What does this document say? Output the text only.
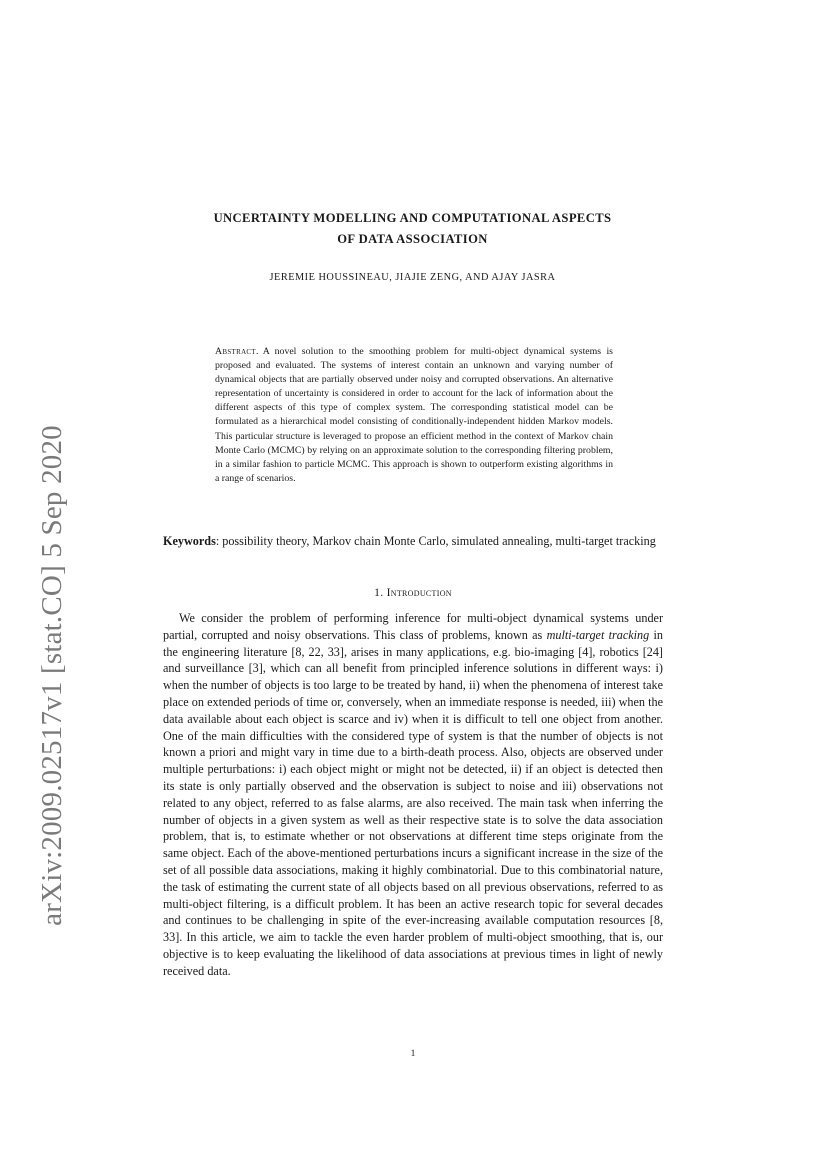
arXiv:2009.02517v1 [stat.CO] 5 Sep 2020
UNCERTAINTY MODELLING AND COMPUTATIONAL ASPECTS
OF DATA ASSOCIATION
JEREMIE HOUSSINEAU, JIAJIE ZENG, AND AJAY JASRA
Abstract. A novel solution to the smoothing problem for multi-object dynamical systems is proposed and evaluated. The systems of interest contain an unknown and varying number of dynamical objects that are partially observed under noisy and corrupted observations. An alternative representation of uncertainty is considered in order to account for the lack of information about the different aspects of this type of complex system. The corresponding statistical model can be formulated as a hierarchical model consisting of conditionally-independent hidden Markov models. This particular structure is leveraged to propose an efficient method in the context of Markov chain Monte Carlo (MCMC) by relying on an approximate solution to the corresponding filtering problem, in a similar fashion to particle MCMC. This approach is shown to outperform existing algorithms in a range of scenarios.
Keywords: possibility theory, Markov chain Monte Carlo, simulated annealing, multi-target tracking
1. Introduction
We consider the problem of performing inference for multi-object dynamical systems under partial, corrupted and noisy observations. This class of problems, known as multi-target tracking in the engineering literature [8, 22, 33], arises in many applications, e.g. bio-imaging [4], robotics [24] and surveillance [3], which can all benefit from principled inference solutions in different ways: i) when the number of objects is too large to be treated by hand, ii) when the phenomena of interest take place on extended periods of time or, conversely, when an immediate response is needed, iii) when the data available about each object is scarce and iv) when it is difficult to tell one object from another. One of the main difficulties with the considered type of system is that the number of objects is not known a priori and might vary in time due to a birth-death process. Also, objects are observed under multiple perturbations: i) each object might or might not be detected, ii) if an object is detected then its state is only partially observed and the observation is subject to noise and iii) observations not related to any object, referred to as false alarms, are also received. The main task when inferring the number of objects in a given system as well as their respective state is to solve the data association problem, that is, to estimate whether or not observations at different time steps originate from the same object. Each of the above-mentioned perturbations incurs a significant increase in the size of the set of all possible data associations, making it highly combinatorial. Due to this combinatorial nature, the task of estimating the current state of all objects based on all previous observations, referred to as multi-object filtering, is a difficult problem. It has been an active research topic for several decades and continues to be challenging in spite of the ever-increasing available computation resources [8, 33]. In this article, we aim to tackle the even harder problem of multi-object smoothing, that is, our objective is to keep evaluating the likelihood of data associations at previous times in light of newly received data.
1
